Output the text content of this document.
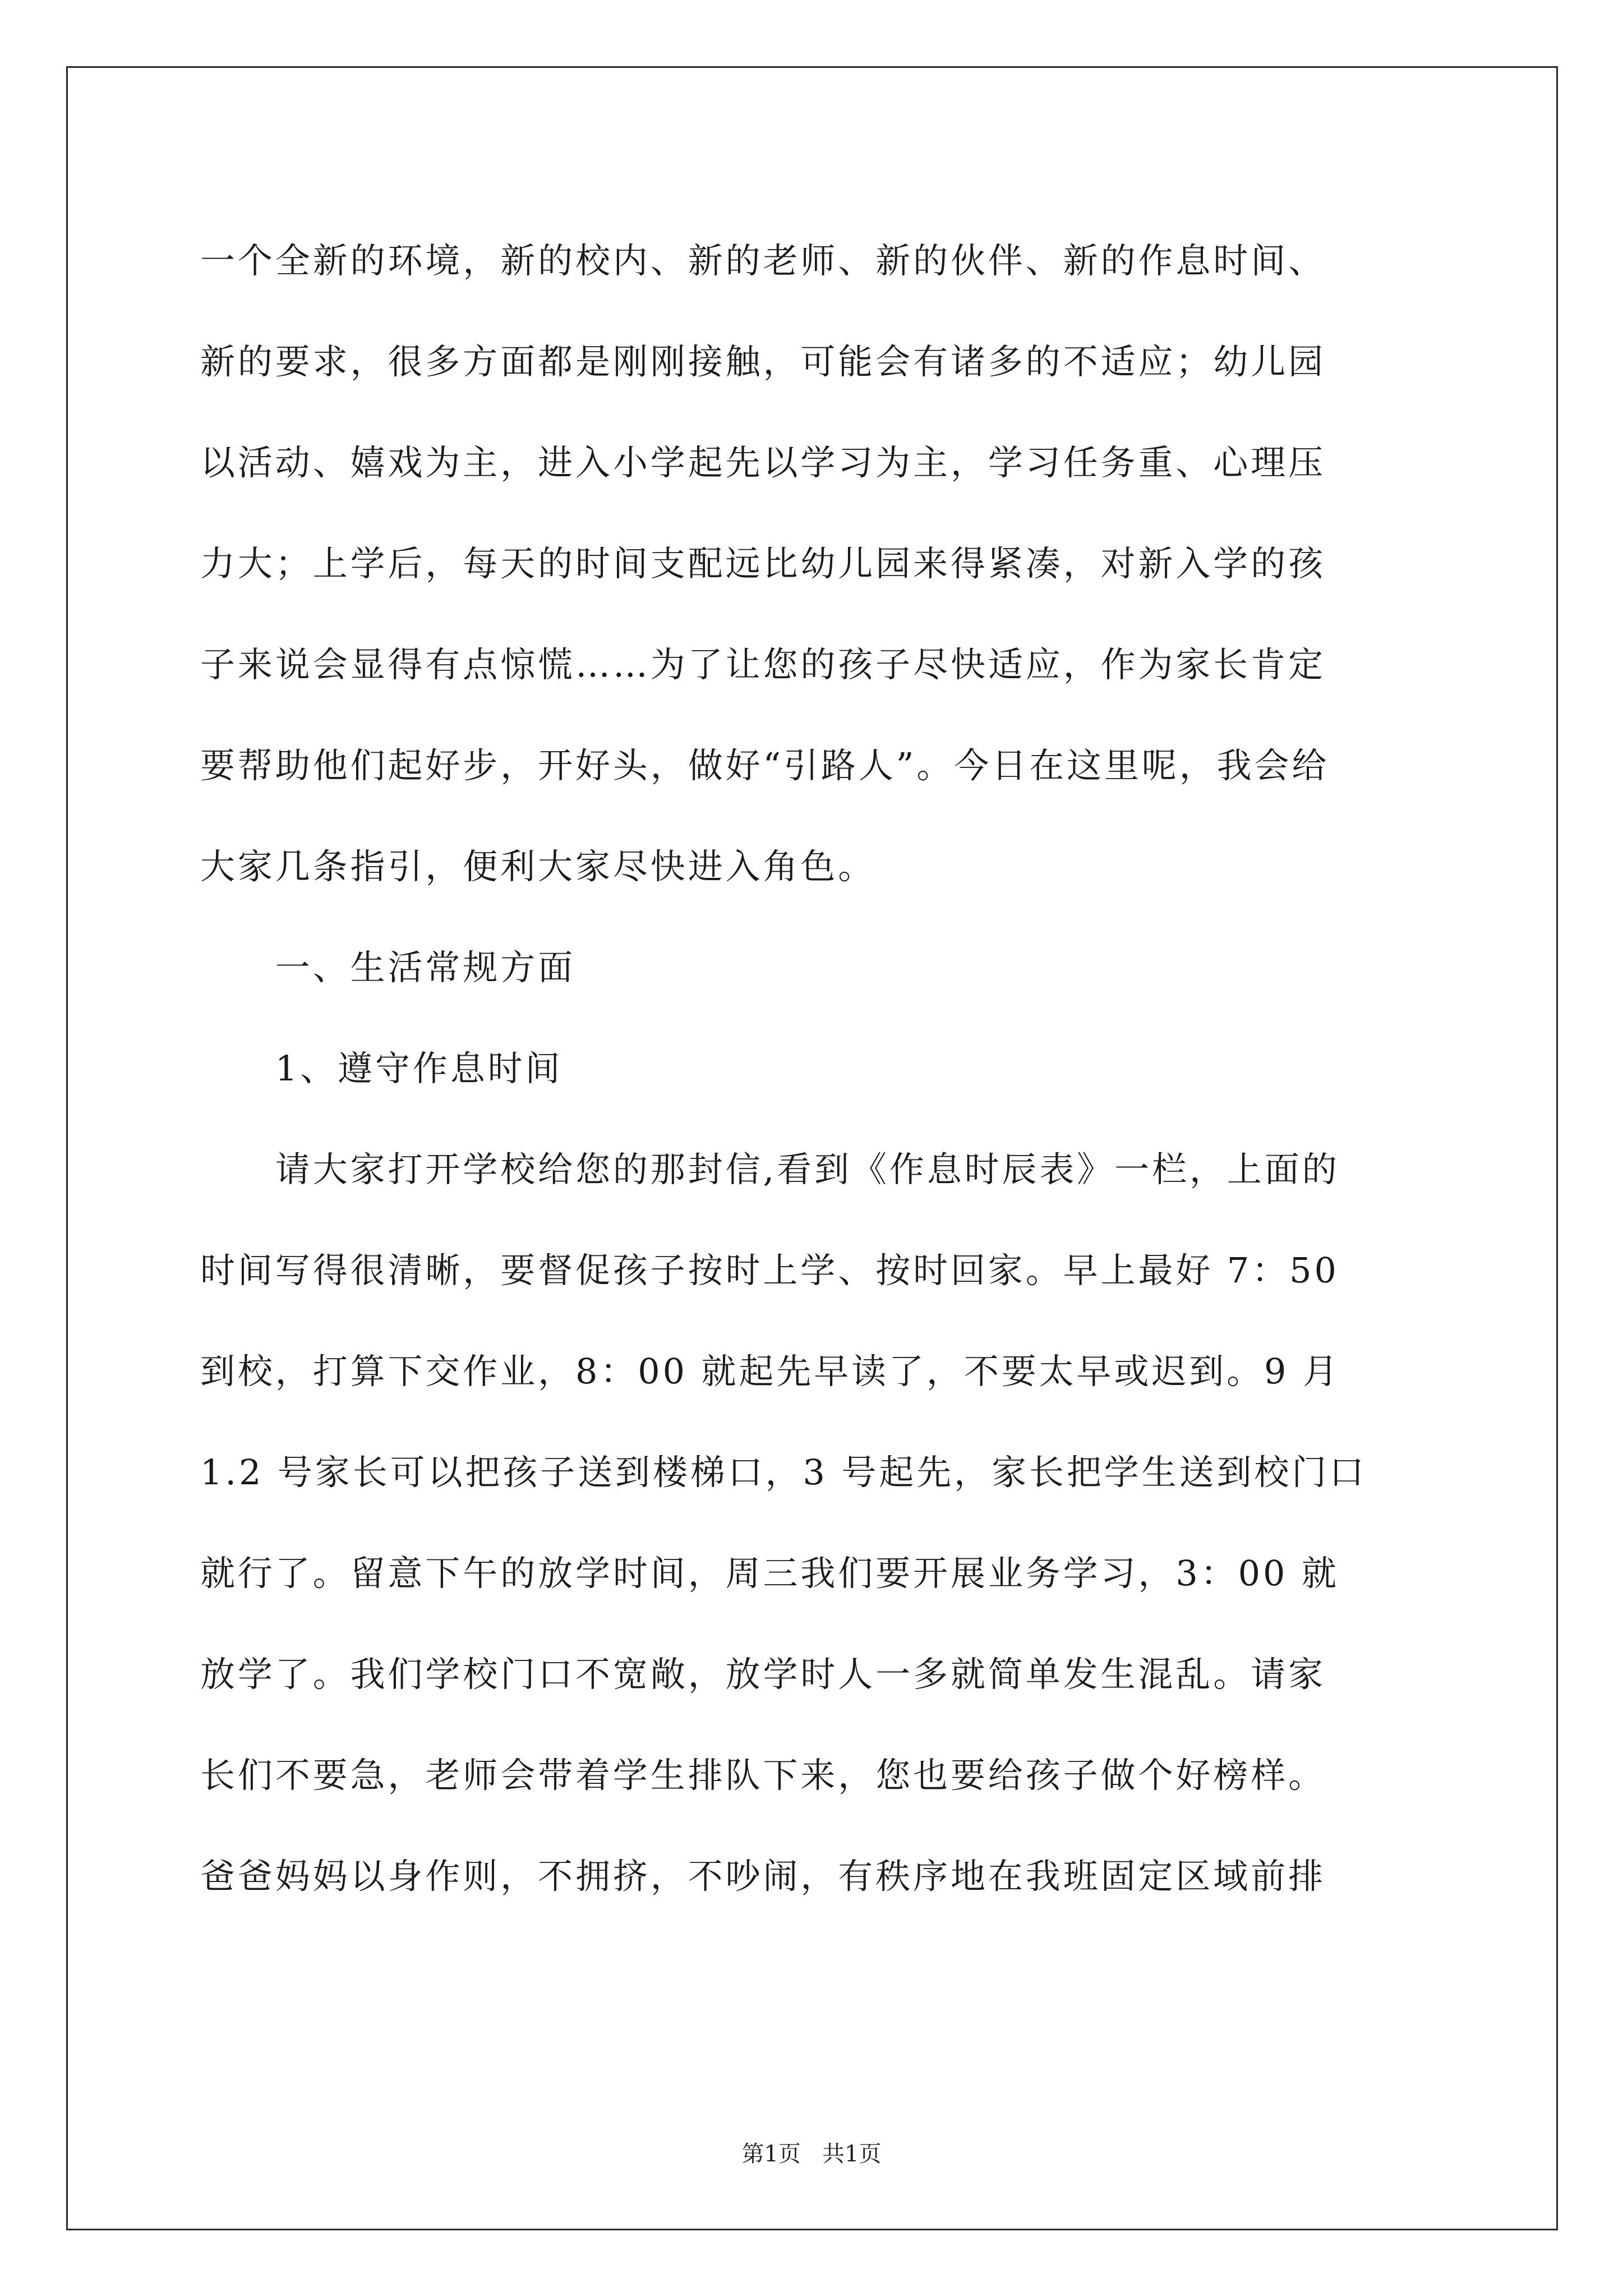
一个全新的环境，新的校内、新的老师、新的伙伴、新的作息时间、
新的要求，很多方面都是刚刚接触，可能会有诸多的不适应；幼儿园
以活动、嬉戏为主，进入小学起先以学习为主，学习任务重、心理压
力大；上学后，每天的时间支配远比幼儿园来得紧凑，对新入学的孩
子来说会显得有点惊慌……为了让您的孩子尽快适应，作为家长肯定
要帮助他们起好步，开好头，做好“引路人”。今日在这里呢，我会给
大家几条指引，便利大家尽快进入角色。
　　一、生活常规方面
　　1、遵守作息时间
　　请大家打开学校给您的那封信,看到《作息时辰表》一栏，上面的
时间写得很清晰，要督促孩子按时上学、按时回家。早上最好 7：50
到校，打算下交作业，8：00 就起先早读了，不要太早或迟到。9 月
1.2 号家长可以把孩子送到楼梯口，3 号起先，家长把学生送到校门口
就行了。留意下午的放学时间，周三我们要开展业务学习，3：00 就
放学了。我们学校门口不宽敞，放学时人一多就简单发生混乱。请家
长们不要急，老师会带着学生排队下来，您也要给孩子做个好榜样。
爸爸妈妈以身作则，不拥挤，不吵闹，有秩序地在我班固定区域前排
第1页   共1页
